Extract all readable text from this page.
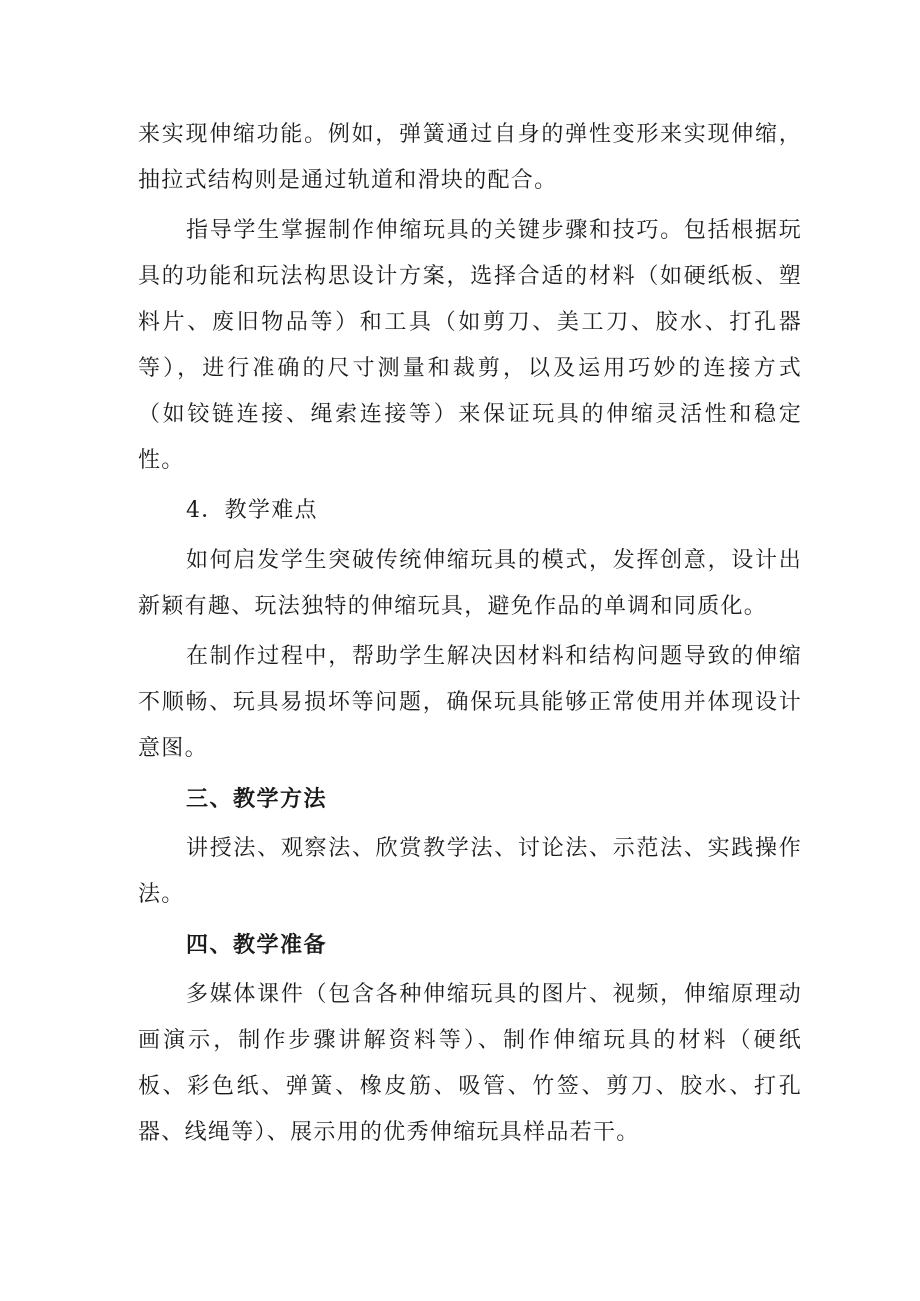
来实现伸缩功能。例如，弹簧通过自身的弹性变形来实现伸缩，抽拉式结构则是通过轨道和滑块的配合。

指导学生掌握制作伸缩玩具的关键步骤和技巧。包括根据玩具的功能和玩法构思设计方案，选择合适的材料（如硬纸板、塑料片、废旧物品等）和工具（如剪刀、美工刀、胶水、打孔器等），进行准确的尺寸测量和裁剪，以及运用巧妙的连接方式（如铰链连接、绳索连接等）来保证玩具的伸缩灵活性和稳定性。

4．教学难点

如何启发学生突破传统伸缩玩具的模式，发挥创意，设计出新颖有趣、玩法独特的伸缩玩具，避免作品的单调和同质化。

在制作过程中，帮助学生解决因材料和结构问题导致的伸缩不顺畅、玩具易损坏等问题，确保玩具能够正常使用并体现设计意图。

三、教学方法

讲授法、观察法、欣赏教学法、讨论法、示范法、实践操作法。

四、教学准备

多媒体课件（包含各种伸缩玩具的图片、视频，伸缩原理动画演示，制作步骤讲解资料等）、制作伸缩玩具的材料（硬纸板、彩色纸、弹簧、橡皮筋、吸管、竹签、剪刀、胶水、打孔器、线绳等）、展示用的优秀伸缩玩具样品若干。
